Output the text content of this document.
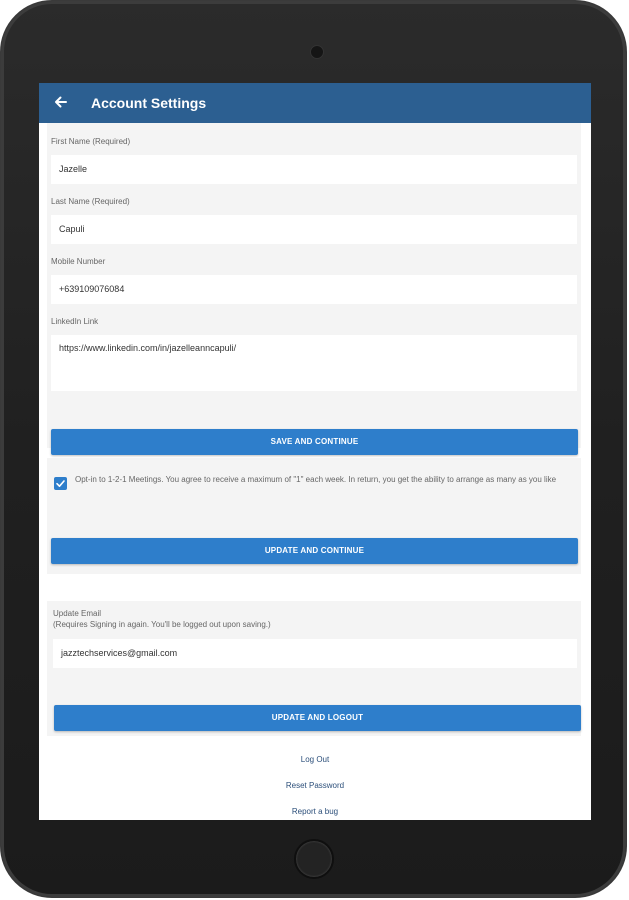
Account Settings
First Name (Required)
Jazelle
Last Name (Required)
Capuli
Mobile Number
+639109076084
LinkedIn Link
https://www.linkedin.com/in/jazelleanncapuli/
SAVE AND CONTINUE
Opt-in to 1-2-1 Meetings. You agree to receive a maximum of "1" each week. In return, you get the ability to arrange as many as you like
UPDATE AND CONTINUE
Update Email
(Requires Signing in again. You'll be logged out upon saving.)
jazztechservices@gmail.com
UPDATE AND LOGOUT
Log Out
Reset Password
Report a bug
